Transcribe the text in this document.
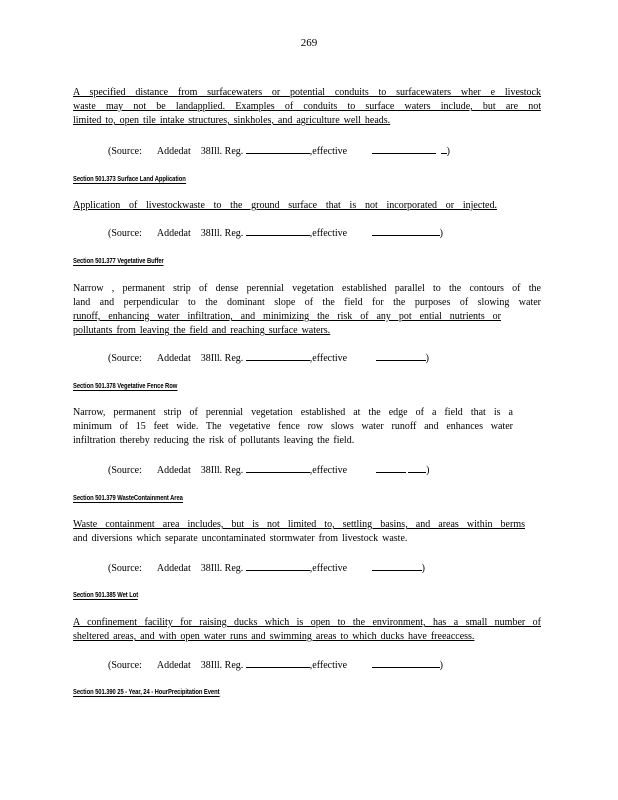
269

A specified distance from surfacewaters or potential conduits to surfacewaters wher e livestock
waste may not be landapplied. Examples of conduits to surface waters include, but are not
limited to, open tile intake structures, sinkholes, and agriculture well heads.

(Source: Addedat 38Ill. Reg.	,effective	)
Section 501.373 Surface Land Application

Application of livestockwaste to the ground surface that is not incorporated or injected.

(Source: Addedat 38Ill. Reg.	,effective	)
Section 501.377 Vegetative Buffer

Narrow , permanent strip of dense perennial vegetation established parallel to the contours of the
land and perpendicular to the dominant slope of the field for the purposes of slowing water
runoff, enhancing water infiltration, and minimizing the risk of any pot ential nutrients or
pollutants from leaving the field and reaching surface waters.

(Source: Addedat 38Ill. Reg.	,effective	)
Section 501.378 Vegetative Fence Row

Narrow, permanent strip of perennial vegetation established at the edge of a field that is a
minimum of 15 feet wide. The vegetative fence row slows water runoff and enhances water
infiltration thereby reducing the risk of pollutants leaving the field.

(Source: Addedat 38Ill. Reg.	,effective	)
Section 501.379 WasteContainment Area

Waste containment area includes, but is not limited to, settling basins, and areas within berms
and diversions which separate uncontaminated stormwater from livestock waste.

(Source: Addedat 38Ill. Reg.	,effective	)
Section 501.385 Wet Lot

A confinement facility for raising ducks which is open to the environment, has a small number of
sheltered areas, and with open water runs and swimming areas to which ducks have freeaccess.

(Source: Addedat 38Ill. Reg.	,effective	)
Section 501.390 25 - Year, 24 - HourPrecipitation Event
